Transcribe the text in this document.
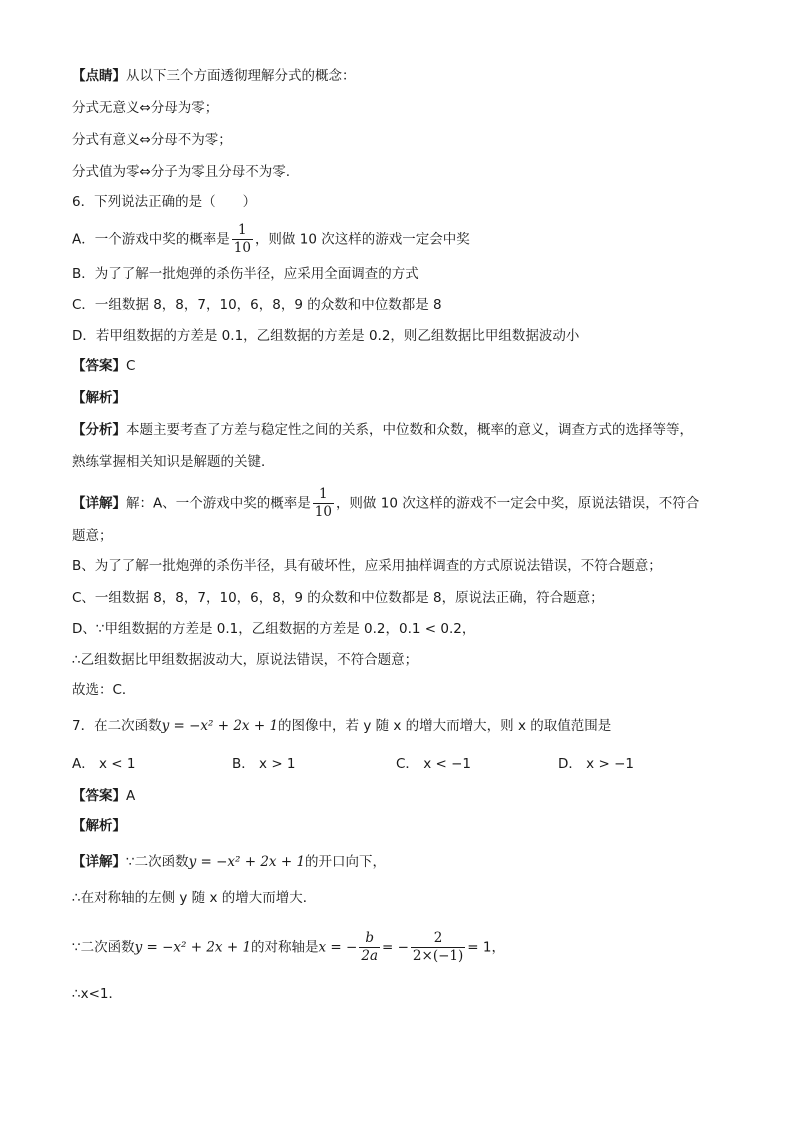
【点睛】从以下三个方面透彻理解分式的概念：
分式无意义⇔分母为零；
分式有意义⇔分母不为零；
分式值为零⇔分子为零且分母不为零.
6．下列说法正确的是（　　）
A．一个游戏中奖的概率是 $\frac{1}{10}$ ，则做 10 次这样的游戏一定会中奖
B．为了了解一批炮弹的杀伤半径，应采用全面调查的方式
C．一组数据 8，8，7，10，6，8，9 的众数和中位数都是 8
D．若甲组数据的方差是 0.1，乙组数据的方差是 0.2，则乙组数据比甲组数据波动小
【答案】C
【解析】
【分析】本题主要考查了方差与稳定性之间的关系，中位数和众数，概率的意义，调查方式的选择等等，
熟练掌握相关知识是解题的关键．
【详解】解：A、一个游戏中奖的概率是 $\frac{1}{10}$ ，则做 10 次这样的游戏不一定会中奖，原说法错误，不符合
题意；
B、为了了解一批炮弹的杀伤半径，具有破坏性，应采用抽样调查的方式原说法错误，不符合题意；
C、一组数据 8，8，7，10，6，8，9 的众数和中位数都是 8，原说法正确，符合题意；
D、∵甲组数据的方差是 0.1，乙组数据的方差是 0.2，0.1 < 0.2，
∴乙组数据比甲组数据波动大，原说法错误，不符合题意；
故选：C．
7．在二次函数y = −x² + 2x + 1的图像中，若 y 随 x 的增大而增大，则 x 的取值范围是
A． x < 1	B． x > 1	C． x < −1	D． x > −1
【答案】A
【解析】
【详解】∵二次函数y = −x² + 2x + 1的开口向下，
∴在对称轴的左侧 y 随 x 的增大而增大．
∵二次函数y = −x² + 2x + 1的对称轴是x = − $\frac{b}{2a}$ = − $\frac{2}{2\times(-1)} = 1$，
∴x<1．
